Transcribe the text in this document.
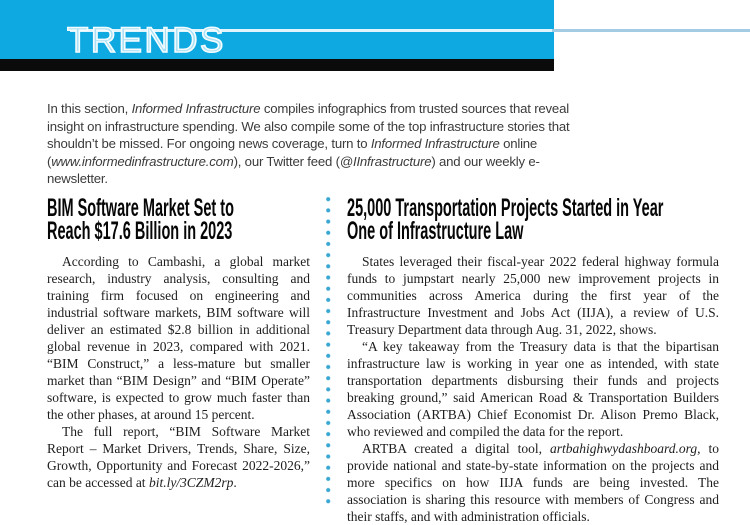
TRENDS
In this section, Informed Infrastructure compiles infographics from trusted sources that reveal insight on infrastructure spending. We also compile some of the top infrastructure stories that shouldn’t be missed. For ongoing news coverage, turn to Informed Infrastructure online (www.informedinfrastructure.com), our Twitter feed (@IInfrastructure) and our weekly e-newsletter.
BIM Software Market Set to
Reach $17.6 Billion in 2023

According to Cambashi, a global market research, industry analysis, consulting and training firm focused on engineering and industrial software markets, BIM software will deliver an estimated $2.8 billion in additional global revenue in 2023, compared with 2021. “BIM Construct,” a less-mature but smaller market than “BIM Design” and “BIM Operate” software, is expected to grow much faster than the other phases, at around 15 percent.

The full report, “BIM Software Market Report – Market Drivers, Trends, Share, Size, Growth, Opportunity and Forecast 2022-2026,” can be accessed at bit.ly/3CZM2rp.

25,000 Transportation Projects Started in Year
One of Infrastructure Law

States leveraged their fiscal-year 2022 federal highway formula funds to jumpstart nearly 25,000 new improvement projects in communities across America during the first year of the Infrastructure Investment and Jobs Act (IIJA), a review of U.S. Treasury Department data through Aug. 31, 2022, shows.

“A key takeaway from the Treasury data is that the bipartisan infrastructure law is working in year one as intended, with state transportation departments disbursing their funds and projects breaking ground,” said American Road & Transportation Builders Association (ARTBA) Chief Economist Dr. Alison Premo Black, who reviewed and compiled the data for the report.

ARTBA created a digital tool, artbahighwydashboard.org, to provide national and state-by-state information on the projects and more specifics on how IIJA funds are being invested. The association is sharing this resource with members of Congress and their staffs, and with administration officials.
